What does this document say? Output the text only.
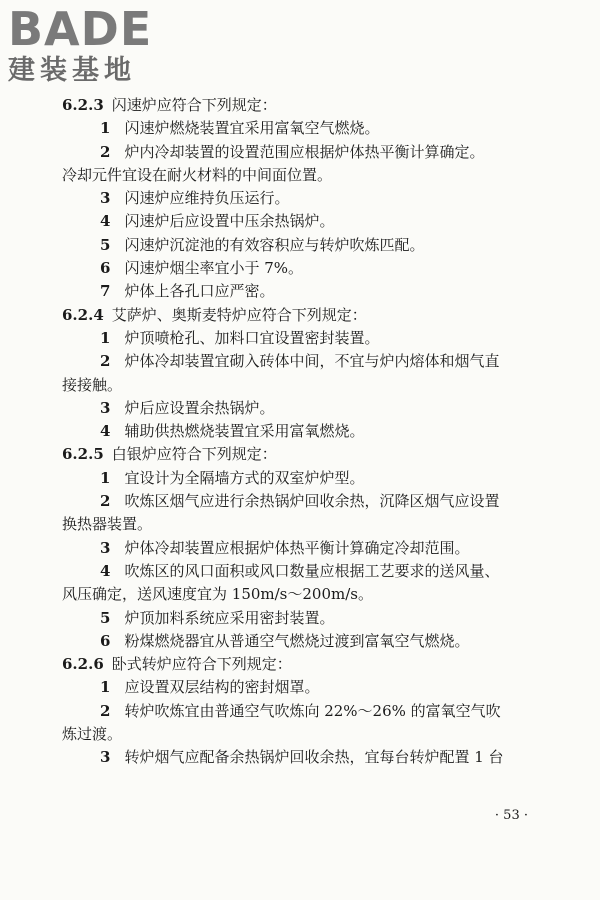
BADE
建装基地
6.2.3 闪速炉应符合下列规定：
1 闪速炉燃烧装置宜采用富氧空气燃烧。
2 炉内冷却装置的设置范围应根据炉体热平衡计算确定。
冷却元件宜设在耐火材料的中间面位置。
3 闪速炉应维持负压运行。
4 闪速炉后应设置中压余热锅炉。
5 闪速炉沉淀池的有效容积应与转炉吹炼匹配。
6 闪速炉烟尘率宜小于 7%。
7 炉体上各孔口应严密。
6.2.4 艾萨炉、奥斯麦特炉应符合下列规定：
1 炉顶喷枪孔、加料口宜设置密封装置。
2 炉体冷却装置宜砌入砖体中间，不宜与炉内熔体和烟气直
接接触。
3 炉后应设置余热锅炉。
4 辅助供热燃烧装置宜采用富氧燃烧。
6.2.5 白银炉应符合下列规定：
1 宜设计为全隔墙方式的双室炉炉型。
2 吹炼区烟气应进行余热锅炉回收余热，沉降区烟气应设置
换热器装置。
3 炉体冷却装置应根据炉体热平衡计算确定冷却范围。
4 吹炼区的风口面积或风口数量应根据工艺要求的送风量、
风压确定，送风速度宜为 150m/s～200m/s。
5 炉顶加料系统应采用密封装置。
6 粉煤燃烧器宜从普通空气燃烧过渡到富氧空气燃烧。
6.2.6 卧式转炉应符合下列规定：
1 应设置双层结构的密封烟罩。
2 转炉吹炼宜由普通空气吹炼向 22%～26% 的富氧空气吹
炼过渡。
3 转炉烟气应配备余热锅炉回收余热，宜每台转炉配置 1 台
· 53 ·
